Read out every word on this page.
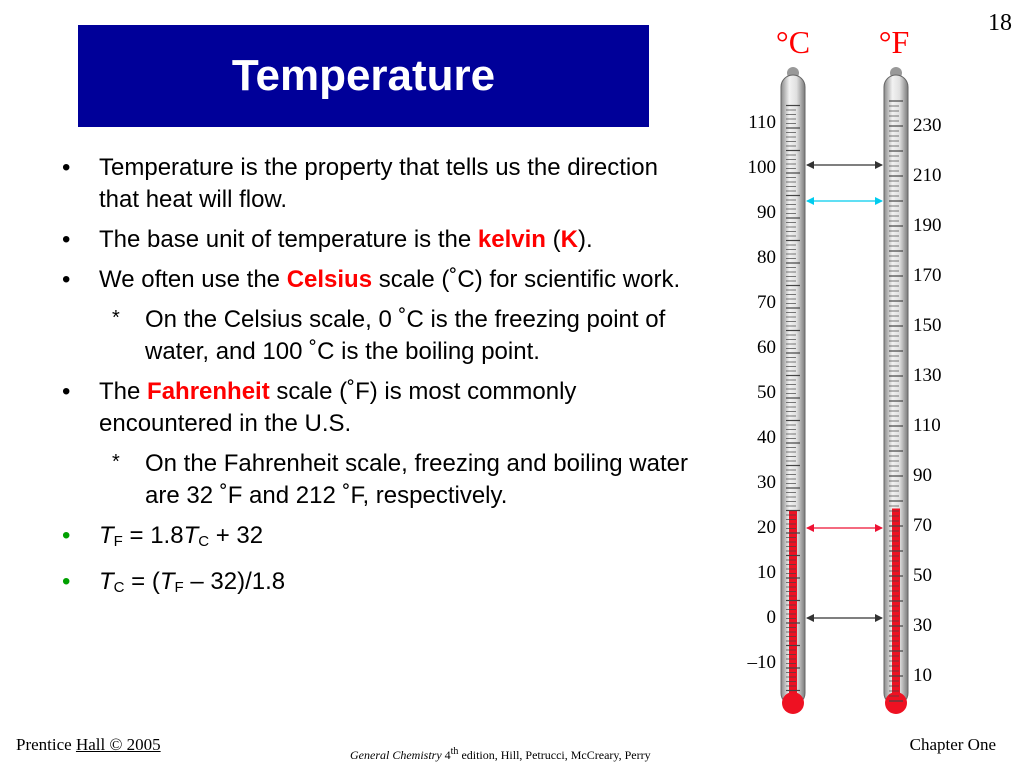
18
Temperature
• Temperature is the property that tells us the direction that heat will flow.
• The base unit of temperature is the kelvin (K).
• We often use the Celsius scale (˚C) for scientific work.
* On the Celsius scale, 0 ˚C is the freezing point of water, and 100 ˚C is the boiling point.
• The Fahrenheit scale (˚F) is most commonly encountered in the U.S.
* On the Fahrenheit scale, freezing and boiling water are 32 ˚F and 212 ˚F, respectively.
• $T_F = 1.8T_C + 32$
• $T_C = (T_F - 32)/1.8$
°C °F
110
100
90
80
70
60
50
40
30
20
10
0
–10
230
210
190
170
150
130
110
90
70
50
30
10
Prentice Hall © 2005
General Chemistry 4th edition, Hill, Petrucci, McCreary, Perry
Chapter One
